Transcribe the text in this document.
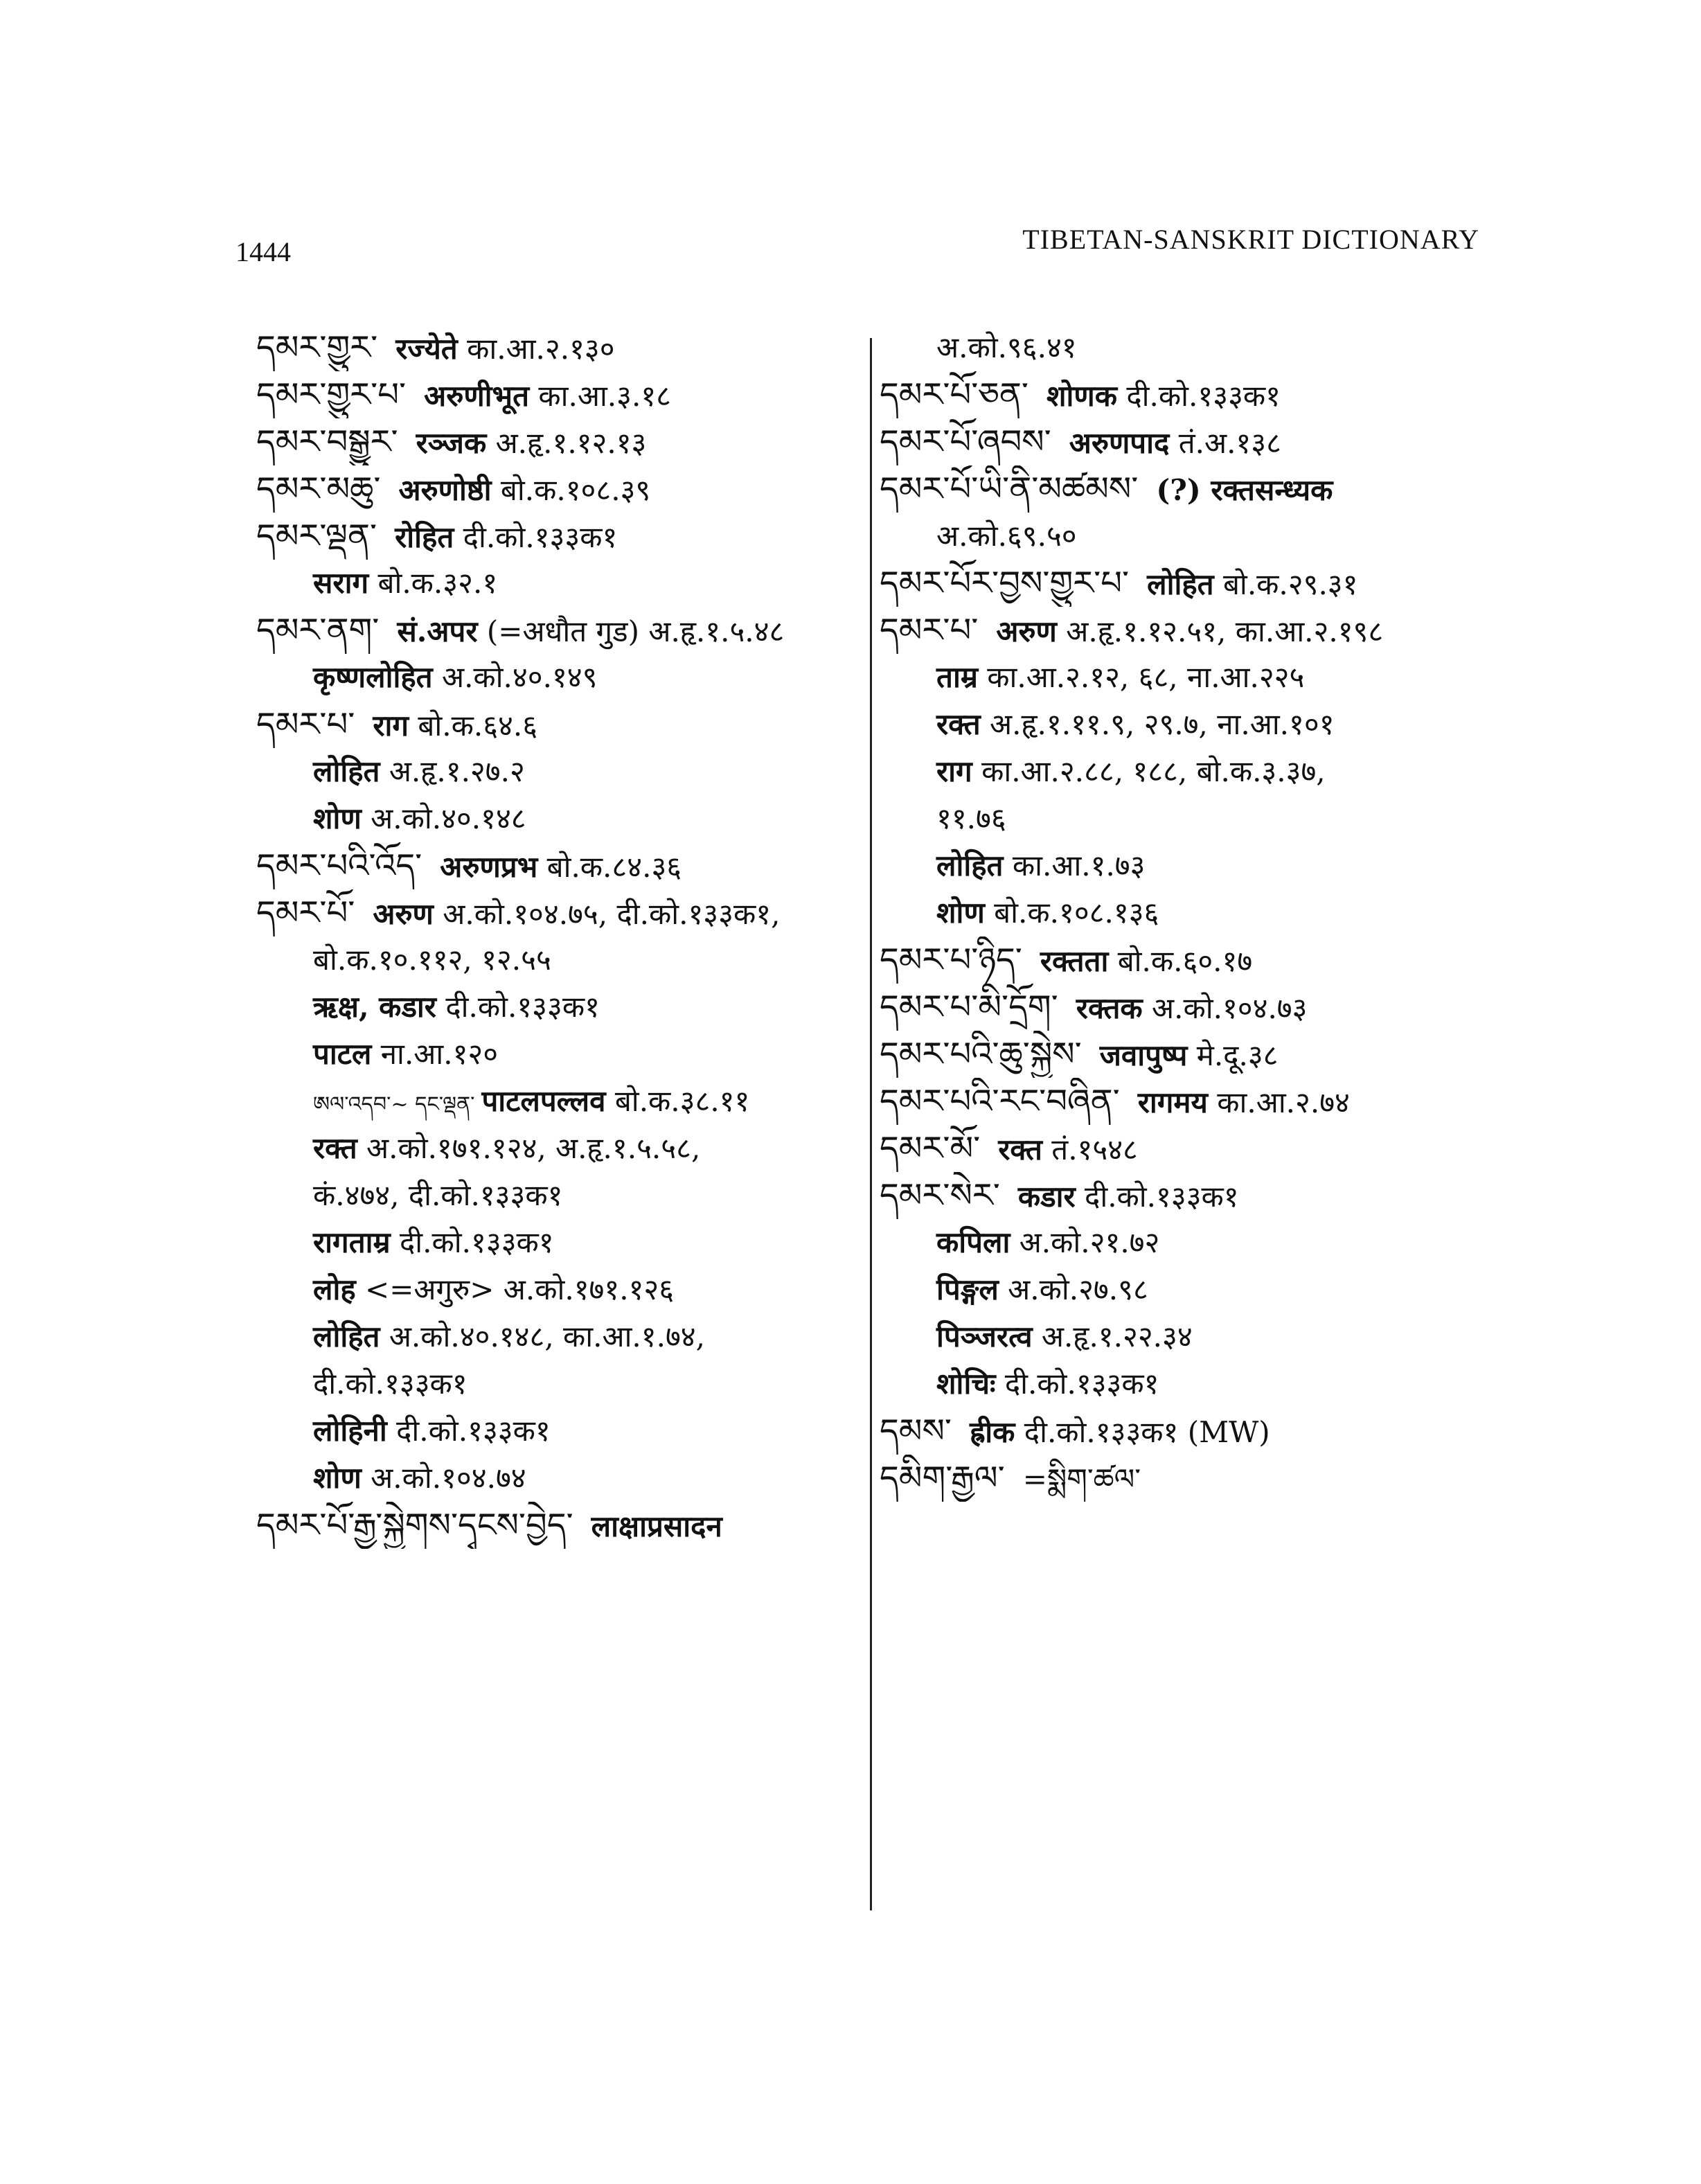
1444	TIBETAN-SANSKRIT DICTIONARY
དམར་གྱུར་ रज्येते का.आ.२.१३०
དམར་གྱུར་པ་ अरुणीभूत का.आ.३.१८
དམར་བསྒྱུར་ रञ्जक अ.हृ.१.१२.१३
དམར་མཆུ་ अरुणोष्ठी बो.क.१०८.३९
དམར་ལྡན་ रोहित दी.को.१३३क१
सराग बो.क.३२.१
དམར་ནག་ सं.अपर (=अधौत गुड) अ.हृ.१.५.४८
कृष्णलोहित अ.को.४०.१४९
དམར་པ་ राग बो.क.६४.६
लोहित अ.हृ.१.२७.२
शोण अ.को.४०.१४८
དམར་པའི་འོད་ अरुणप्रभ बो.क.८४.३६
དམར་པོ་ अरुण अ.को.१०४.७५, दी.को.१३३क१,
बो.क.१०.११२, १२.५५
ऋक्ष, कडार दी.को.१३३क१
पाटल ना.आ.१२०
ཨལ་འདབ་~ དང་ལྡན་ पाटलपल्लव बो.क.३८.११
रक्त अ.को.१७१.१२४, अ.हृ.१.५.५८,
कं.४७४, दी.को.१३३क१
रागताम्र दी.को.१३३क१
लोह <=अगुरु> अ.को.१७१.१२६
लोहित अ.को.४०.१४८, का.आ.१.७४,
दी.को.१३३क१
लोहिनी दी.को.१३३क१
शोण अ.को.१०४.७४
དམར་པོ་རྒྱ་སྐྱེགས་དྭངས་བྱེད་ लाक्षाप्रसादन
अ.को.९६.४१
དམར་པོ་ཅན་ शोणक दी.को.१३३क१
དམར་པོ་ཞབས་ अरुणपाद तं.अ.१३८
དམར་པོ་ཡི་ནི་མཚམས་ (?) रक्तसन्ध्यक
अ.को.६९.५०
དམར་པོར་བྱས་གྱུར་པ་ लोहित बो.क.२९.३१
དམར་པ་ अरुण अ.हृ.१.१२.५१, का.आ.२.१९८
ताम्र का.आ.२.१२, ६८, ना.आ.२२५
रक्त अ.हृ.१.११.९, २९.७, ना.आ.१०१
राग का.आ.२.८८, १८८, बो.क.३.३७,
११.७६
लोहित का.आ.१.७३
शोण बो.क.१०८.१३६
དམར་པ་ཉིད་ रक्तता बो.क.६०.१७
དམར་པ་མི་དྲོག་ रक्तक अ.को.१०४.७३
དམར་པའི་ཆུ་སྐྱེས་ जवापुष्प मे.दू.३८
དམར་པའི་རང་བཞིན་ रागमय का.आ.२.७४
དམར་མོ་ रक्त तं.१५४८
དམར་སེར་ कडार दी.को.१३३क१
कपिला अ.को.२१.७२
पिङ्गल अ.को.२७.९८
पिञ्जरत्व अ.हृ.१.२२.३४
शोचिः दी.को.१३३क१
དམས་ ह्रीक दी.को.१३३क१ (MW)
དམིག་རྒྱལ་ =སྨིག་ཚལ་
